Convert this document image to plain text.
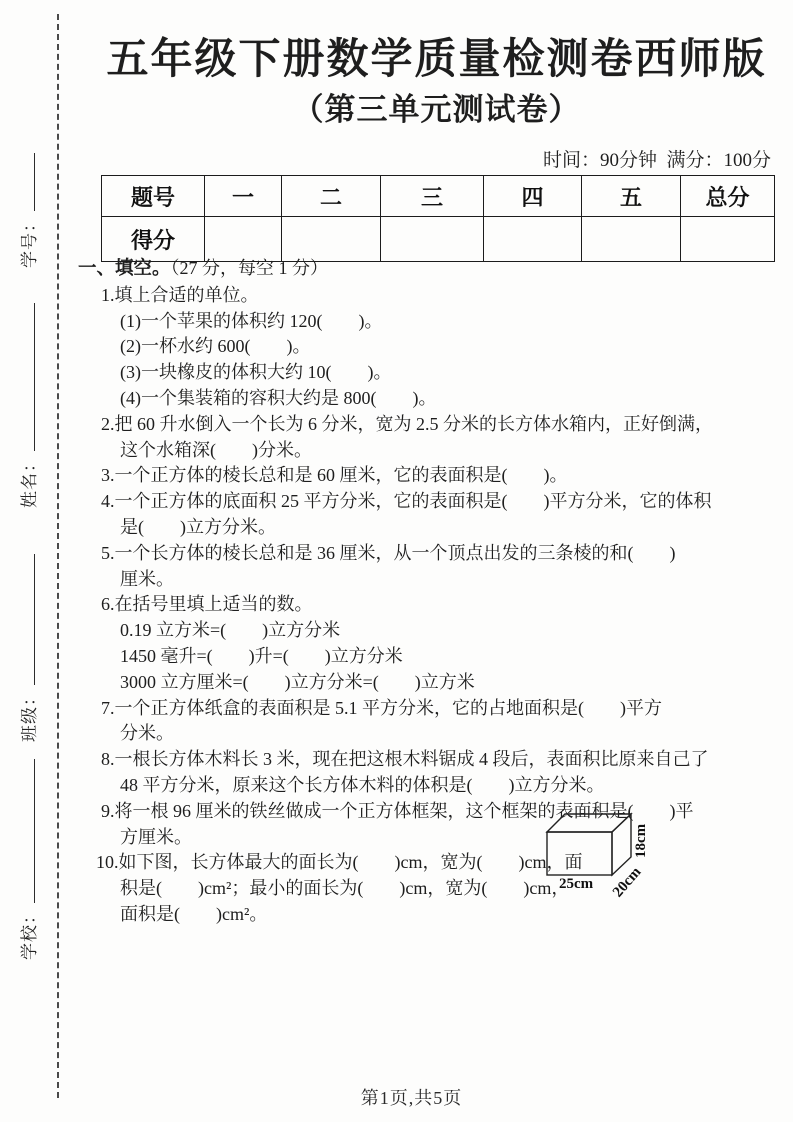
学号：
姓名：
班级：
学校：
五年级下册数学质量检测卷西师版
（第三单元测试卷）
时间：90分钟  满分：100分
题号	一	二	三	四	五	总分
得分						
一、填空。（27 分，每空 1 分）
1.填上合适的单位。
(1)一个苹果的体积约 120(　　)。
(2)一杯水约 600(　　)。
(3)一块橡皮的体积大约 10(　　)。
(4)一个集装箱的容积大约是 800(　　)。
2.把 60 升水倒入一个长为 6 分米，宽为 2.5 分米的长方体水箱内，正好倒满，
这个水箱深(　　)分米。
3.一个正方体的棱长总和是 60 厘米，它的表面积是(　　)。
4.一个正方体的底面积 25 平方分米，它的表面积是(　　)平方分米，它的体积
是(　　)立方分米。
5.一个长方体的棱长总和是 36 厘米，从一个顶点出发的三条棱的和(　　)
厘米。
6.在括号里填上适当的数。
0.19 立方米=(　　)立方分米
1450 毫升=(　　)升=(　　)立方分米
3000 立方厘米=(　　)立方分米=(　　)立方米
7.一个正方体纸盒的表面积是 5.1 平方分米，它的占地面积是(　　)平方
分米。
8.一根长方体木料长 3 米，现在把这根木料锯成 4 段后，表面积比原来自己了
48 平方分米，原来这个长方体木料的体积是(　　)立方分米。
9.将一根 96 厘米的铁丝做成一个正方体框架，这个框架的表面积是(　　)平
方厘米。
10.如下图，长方体最大的面长为(　　)cm，宽为(　　)cm，面
积是(　　)cm²；最小的面长为(　　)cm，宽为(　　)cm，
面积是(　　)cm²。
25cm 20cm
18cm
第1页,共5页
